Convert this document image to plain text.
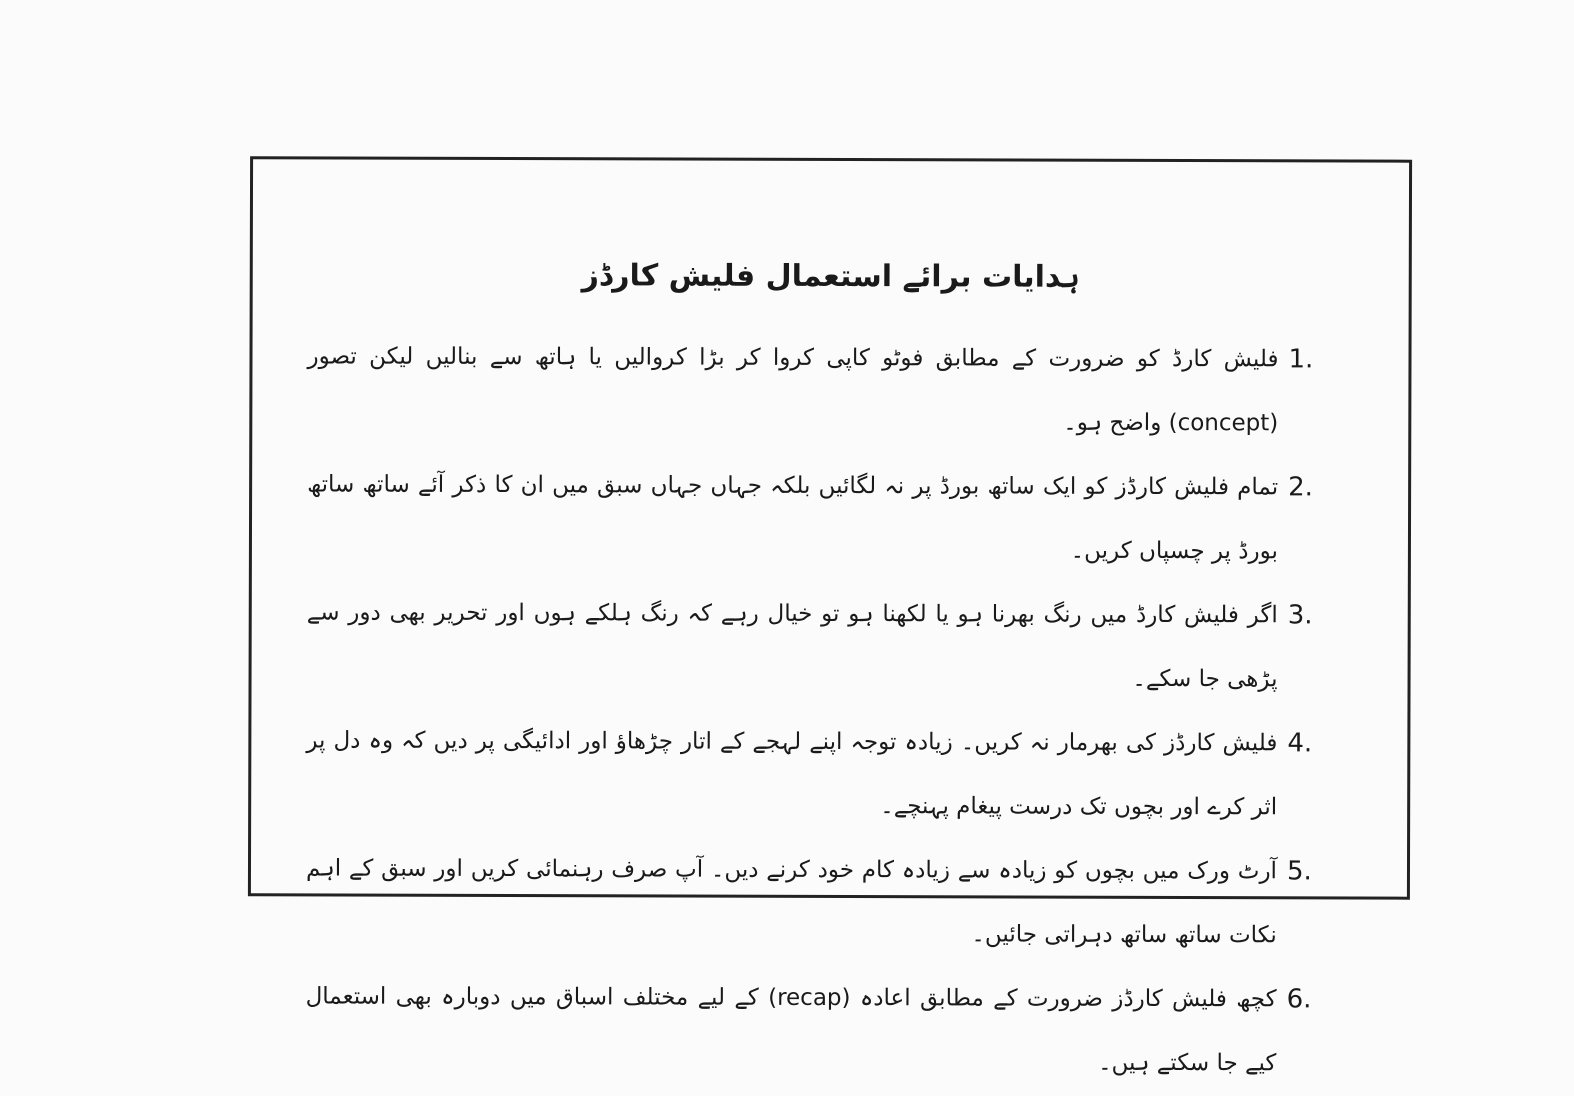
ہدایات برائے استعمال فلیش کارڈز
1.
فلیش کارڈ کو ضرورت کے مطابق فوٹو کاپی کروا کر بڑا کروالیں یا ہاتھ سے بنالیں لیکن تصور (concept) واضح ہو۔
2.
تمام فلیش کارڈز کو ایک ساتھ بورڈ پر نہ لگائیں بلکہ جہاں جہاں سبق میں ان کا ذکر آئے ساتھ ساتھ بورڈ پر چسپاں کریں۔
3.
اگر فلیش کارڈ میں رنگ بھرنا ہو یا لکھنا ہو تو خیال رہے کہ رنگ ہلکے ہوں اور تحریر بھی دور سے پڑھی جا سکے۔
4.
فلیش کارڈز کی بھرمار نہ کریں۔ زیادہ توجہ اپنے لہجے کے اتار چڑھاؤ اور ادائیگی پر دیں کہ وہ دل پر اثر کرے اور بچوں تک درست پیغام پہنچے۔
5.
آرٹ ورک میں بچوں کو زیادہ سے زیادہ کام خود کرنے دیں۔ آپ صرف رہنمائی کریں اور سبق کے اہم نکات ساتھ ساتھ دہراتی جائیں۔
6.
کچھ فلیش کارڈز ضرورت کے مطابق اعادہ (recap) کے لیے مختلف اسباق میں دوبارہ بھی استعمال کیے جا سکتے ہیں۔
